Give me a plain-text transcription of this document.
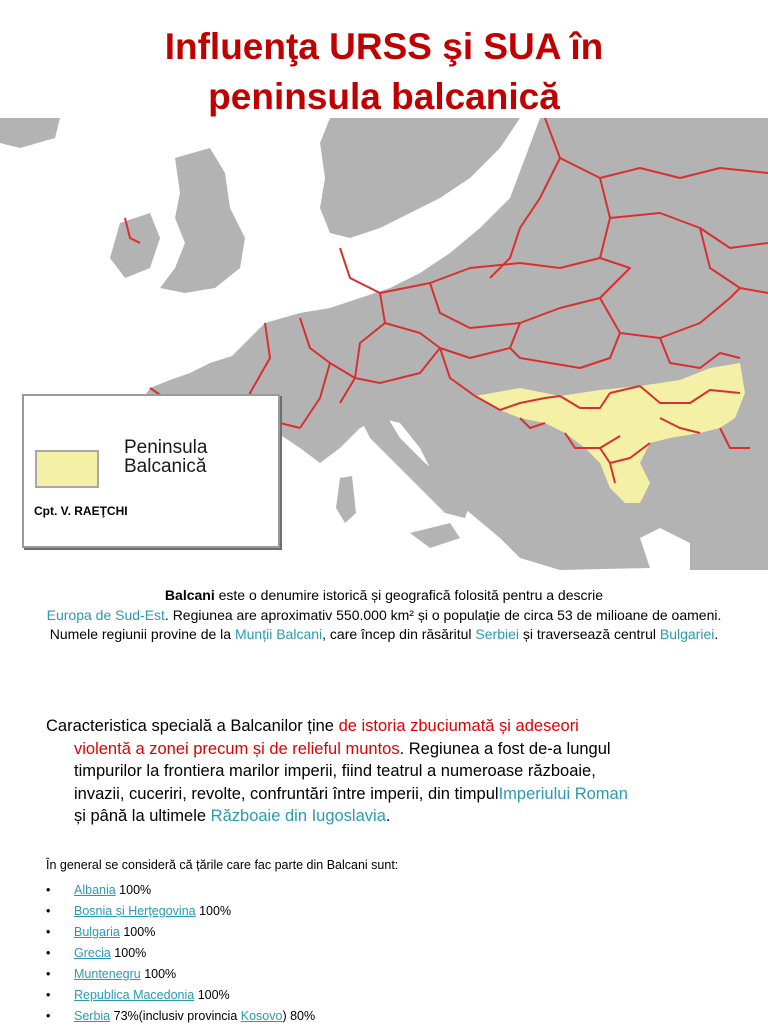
Influenţa URSS şi SUA în
peninsula balcanică
Peninsula
Balcanică
Cpt. V. RAEŢCHI

Balcani este o denumire istorică și geografică folosită pentru a descrie
Europa de Sud-Est. Regiunea are aproximativ 550.000 km² și o populație de circa 53 de milioane de oameni.
Numele regiunii provine de la Munții Balcani, care încep din răsăritul Serbiei și traversează centrul Bulgariei.

Caracteristica specială a Balcanilor ține de istoria zbuciumată și adeseori
violentă a zonei precum și de relieful muntos. Regiunea a fost de-a lungul
timpurilor la frontiera marilor imperii, fiind teatrul a numeroase războaie,
invazii, cuceriri, revolte, confruntări între imperii, din timpulImperiului Roman
și până la ultimele Războaie din Iugoslavia.

În general se consideră că țările care fac parte din Balcani sunt:

• Albania 100%
• Bosnia și Herțegovina 100%
• Bulgaria 100%
• Grecia 100%
• Muntenegru 100%
• Republica Macedonia 100%
• Serbia 73%(inclusiv provincia Kosovo) 80%
